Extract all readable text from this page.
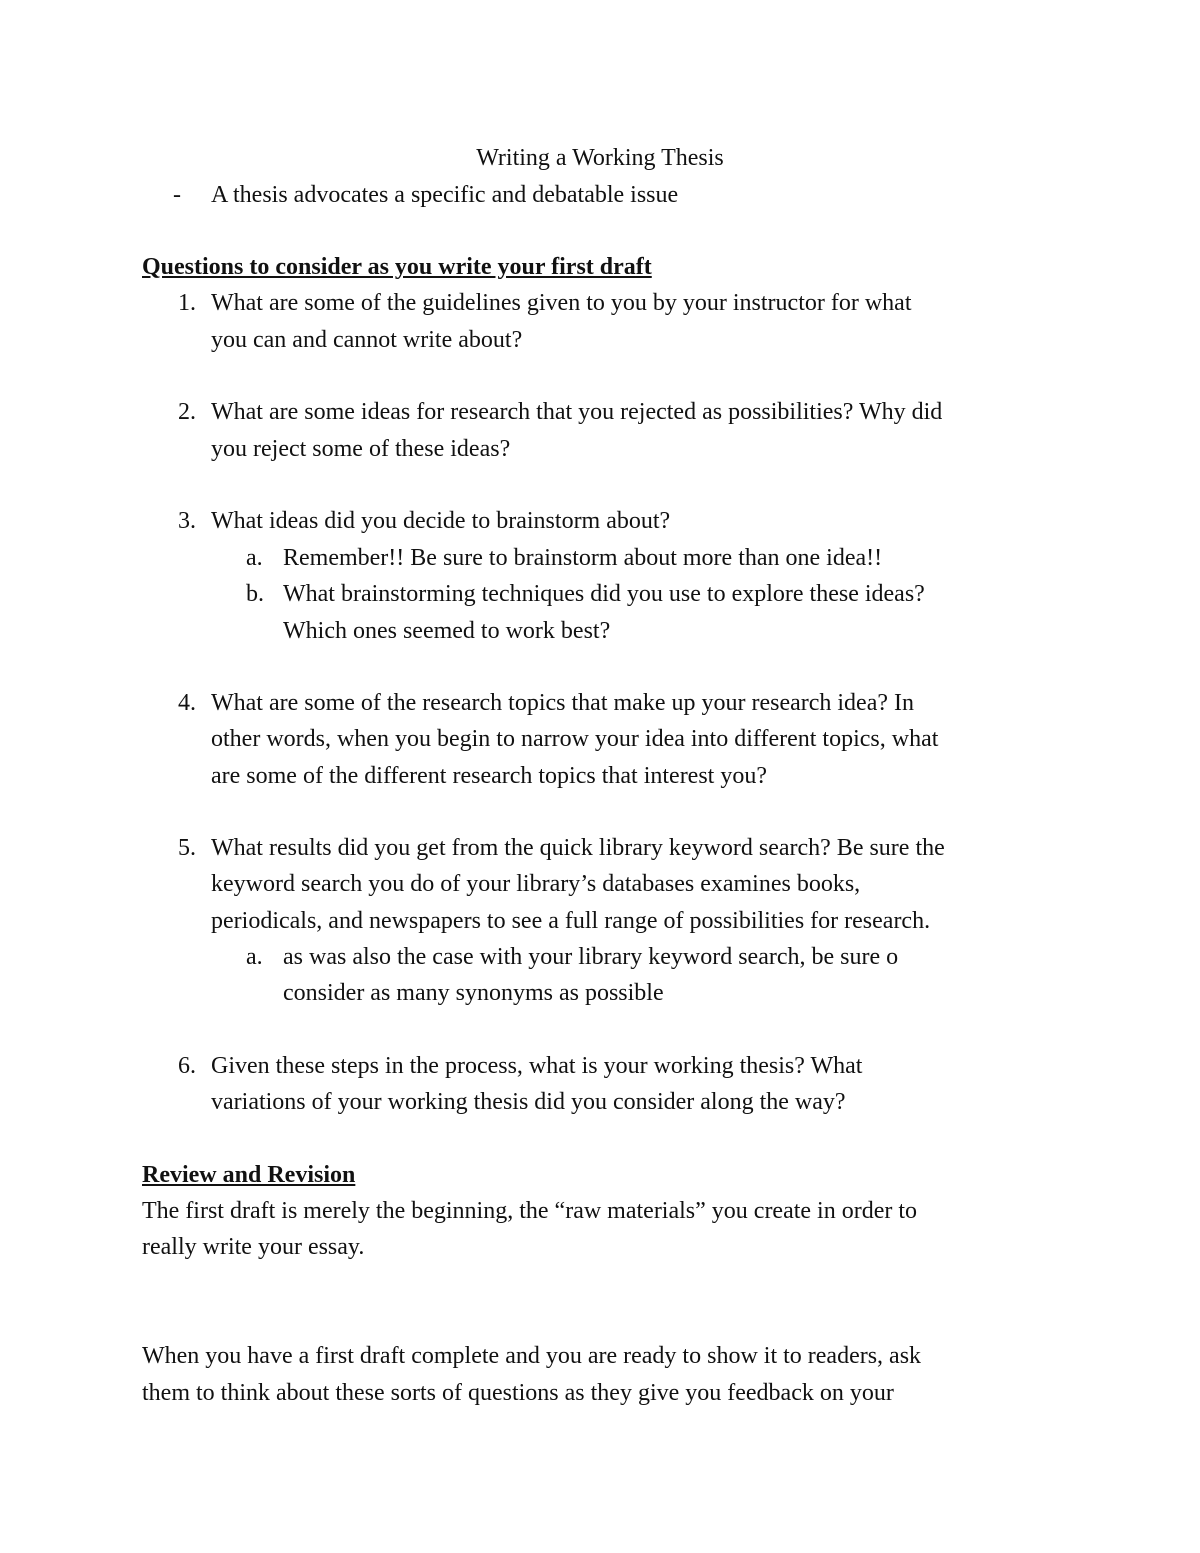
Writing a Working Thesis
-	A thesis advocates a specific and debatable issue
Questions to consider as you write your first draft
1. What are some of the guidelines given to you by your instructor for what
you can and cannot write about?
2. What are some ideas for research that you rejected as possibilities? Why did
you reject some of these ideas?
3. What ideas did you decide to brainstorm about?
a. Remember!! Be sure to brainstorm about more than one idea!!
b. What brainstorming techniques did you use to explore these ideas?
Which ones seemed to work best?
4. What are some of the research topics that make up your research idea? In
other words, when you begin to narrow your idea into different topics, what
are some of the different research topics that interest you?
5. What results did you get from the quick library keyword search? Be sure the
keyword search you do of your library’s databases examines books,
periodicals, and newspapers to see a full range of possibilities for research.
a. as was also the case with your library keyword search, be sure o
consider as many synonyms as possible
6. Given these steps in the process, what is your working thesis? What
variations of your working thesis did you consider along the way?
Review and Revision
The first draft is merely the beginning, the “raw materials” you create in order to
really write your essay.
When you have a first draft complete and you are ready to show it to readers, ask
them to think about these sorts of questions as they give you feedback on your
